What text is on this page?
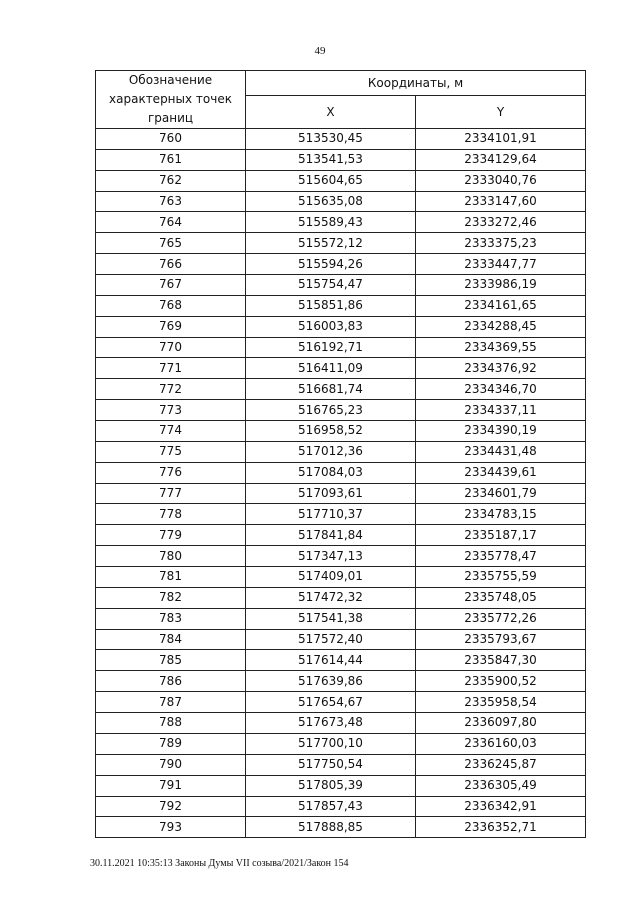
49
Обозначение характерных точек границ	Координаты, м	
	X	Y
760	513530,45	2334101,91
761	513541,53	2334129,64
762	515604,65	2333040,76
763	515635,08	2333147,60
764	515589,43	2333272,46
765	515572,12	2333375,23
766	515594,26	2333447,77
767	515754,47	2333986,19
768	515851,86	2334161,65
769	516003,83	2334288,45
770	516192,71	2334369,55
771	516411,09	2334376,92
772	516681,74	2334346,70
773	516765,23	2334337,11
774	516958,52	2334390,19
775	517012,36	2334431,48
776	517084,03	2334439,61
777	517093,61	2334601,79
778	517710,37	2334783,15
779	517841,84	2335187,17
780	517347,13	2335778,47
781	517409,01	2335755,59
782	517472,32	2335748,05
783	517541,38	2335772,26
784	517572,40	2335793,67
785	517614,44	2335847,30
786	517639,86	2335900,52
787	517654,67	2335958,54
788	517673,48	2336097,80
789	517700,10	2336160,03
790	517750,54	2336245,87
791	517805,39	2336305,49
792	517857,43	2336342,91
793	517888,85	2336352,71
30.11.2021 10:35:13 Законы Думы VII созыва/2021/Закон 154
